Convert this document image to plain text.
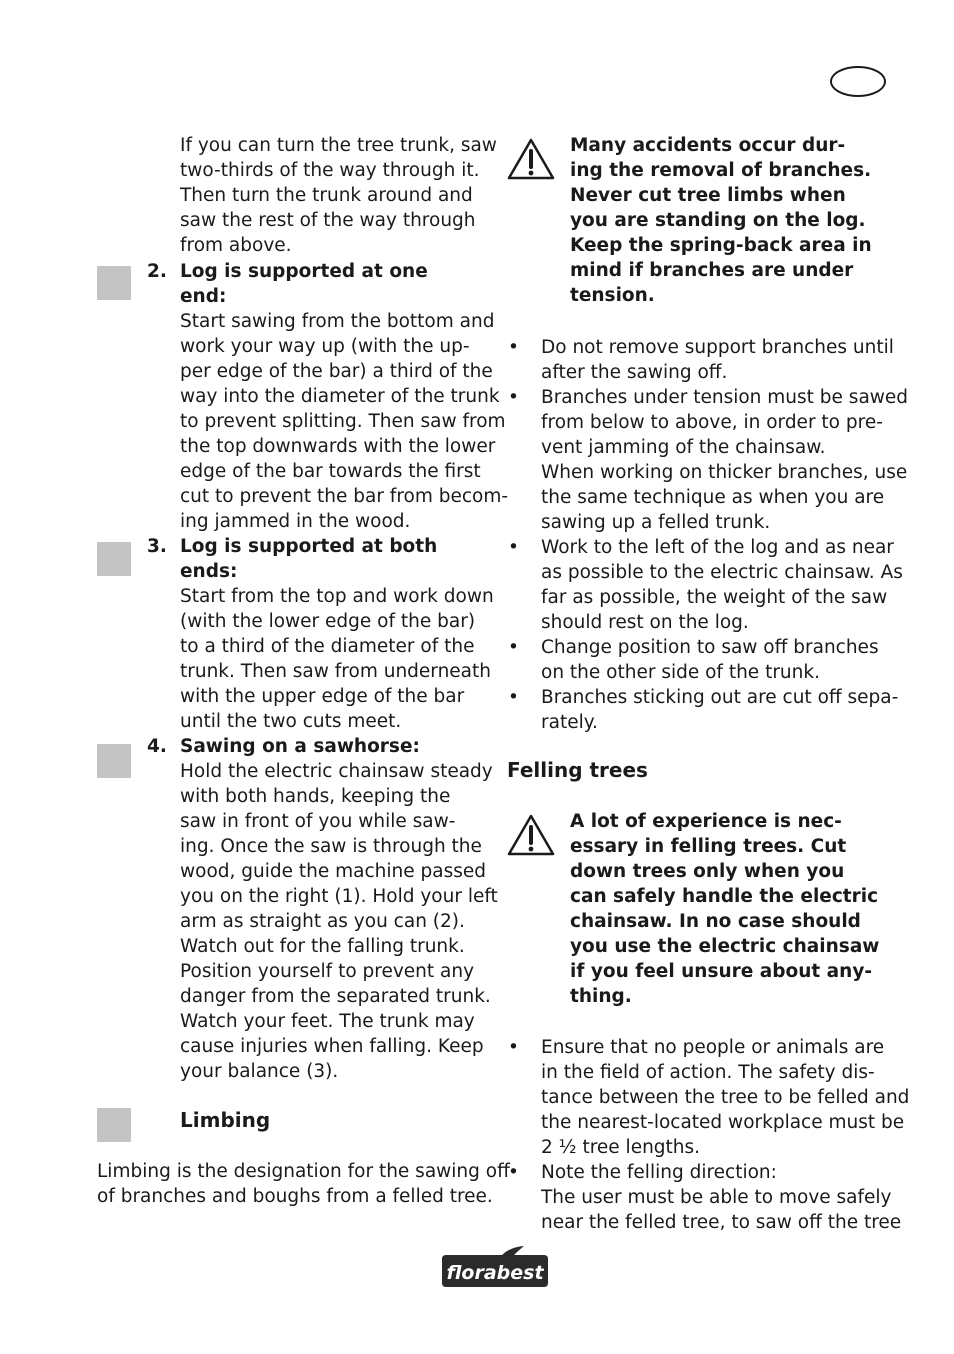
If you can turn the tree trunk, saw
two-thirds of the way through it.
Then turn the trunk around and
saw the rest of the way through
from above.
2. Log is supported at one
end:
Start sawing from the bottom and
work your way up (with the up-
per edge of the bar) a third of the
way into the diameter of the trunk
to prevent splitting. Then saw from
the top downwards with the lower
edge of the bar towards the first
cut to prevent the bar from becom-
ing jammed in the wood.
3. Log is supported at both
ends:
Start from the top and work down
(with the lower edge of the bar)
to a third of the diameter of the
trunk. Then saw from underneath
with the upper edge of the bar
until the two cuts meet.
4. Sawing on a sawhorse:
Hold the electric chainsaw steady
with both hands, keeping the
saw in front of you while saw-
ing. Once the saw is through the
wood, guide the machine passed
you on the right (1). Hold your left
arm as straight as you can (2).
Watch out for the falling trunk.
Position yourself to prevent any
danger from the separated trunk.
Watch your feet. The trunk may
cause injuries when falling. Keep
your balance (3).
Limbing
Limbing is the designation for the sawing off
of branches and boughs from a felled tree.
Many accidents occur dur-
ing the removal of branches.
Never cut tree limbs when
you are standing on the log.
Keep the spring-back area in
mind if branches are under
tension.
• Do not remove support branches until
after the sawing off.
• Branches under tension must be sawed
from below to above, in order to pre-
vent jamming of the chainsaw.
When working on thicker branches, use
the same technique as when you are
sawing up a felled trunk.
• Work to the left of the log and as near
as possible to the electric chainsaw. As
far as possible, the weight of the saw
should rest on the log.
• Change position to saw off branches
on the other side of the trunk.
• Branches sticking out are cut off sepa-
rately.
Felling trees
A lot of experience is nec-
essary in felling trees. Cut
down trees only when you
can safely handle the electric
chainsaw. In no case should
you use the electric chainsaw
if you feel unsure about any-
thing.
• Ensure that no people or animals are
in the field of action. The safety dis-
tance between the tree to be felled and
the nearest-located workplace must be
2 ½ tree lengths.
• Note the felling direction:
The user must be able to move safely
near the felled tree, to saw off the tree
florabest
